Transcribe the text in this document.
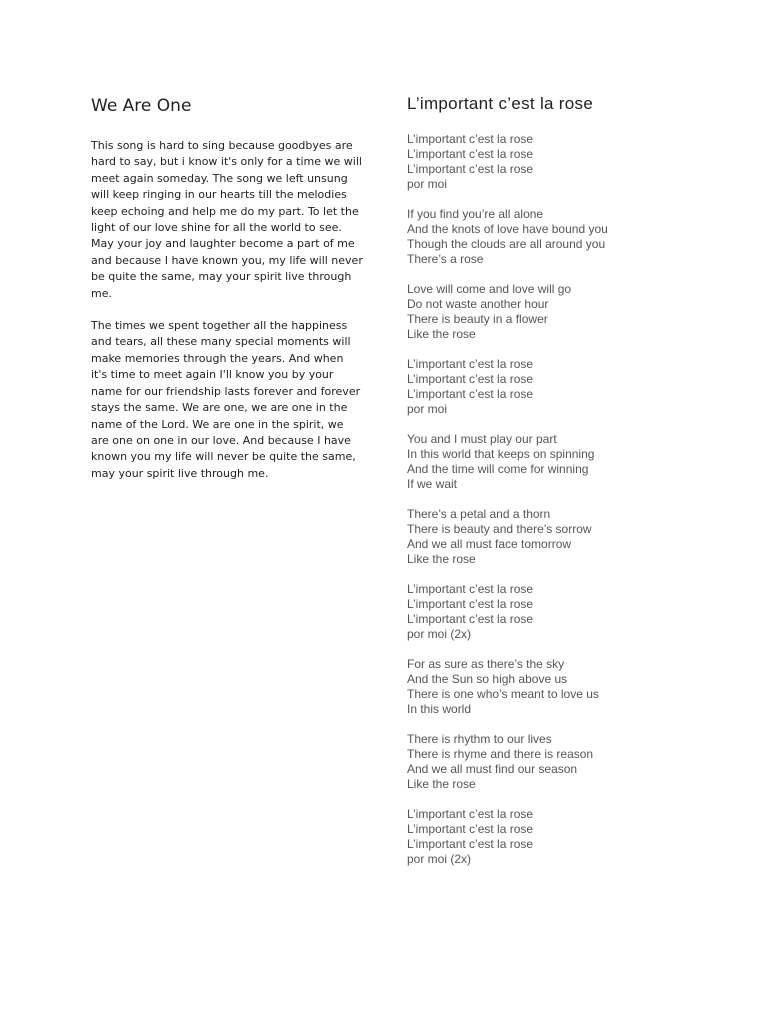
We Are One

This song is hard to sing because goodbyes are hard to say, but i know it's only for a time we will meet again someday. The song we left unsung will keep ringing in our hearts till the melodies keep echoing and help me do my part. To let the light of our love shine for all the world to see. May your joy and laughter become a part of me and because I have known you, my life will never be quite the same, may your spirit live through me.

The times we spent together all the happiness and tears, all these many special moments will make memories through the years. And when it's time to meet again I'll know you by your name for our friendship lasts forever and forever stays the same. We are one, we are one in the name of the Lord. We are one in the spirit, we are one on one in our love. And because I have known you my life will never be quite the same, may your spirit live through me.

L’important c’est la rose
L’important c’est la rose
L’important c’est la rose
L’important c’est la rose
por moi
If you find you’re all alone
And the knots of love have bound you
Though the clouds are all around you
There’s a rose
Love will come and love will go
Do not waste another hour
There is beauty in a flower
Like the rose
L’important c’est la rose
L’important c’est la rose
L’important c’est la rose
por moi
You and I must play our part
In this world that keeps on spinning
And the time will come for winning
If we wait
There’s a petal and a thorn
There is beauty and there’s sorrow
And we all must face tomorrow
Like the rose
L’important c’est la rose
L’important c’est la rose
L’important c’est la rose
por moi (2x)
For as sure as there’s the sky
And the Sun so high above us
There is one who’s meant to love us
In this world
There is rhythm to our lives
There is rhyme and there is reason
And we all must find our season
Like the rose
L’important c’est la rose
L’important c’est la rose
L’important c’est la rose
por moi (2x)
